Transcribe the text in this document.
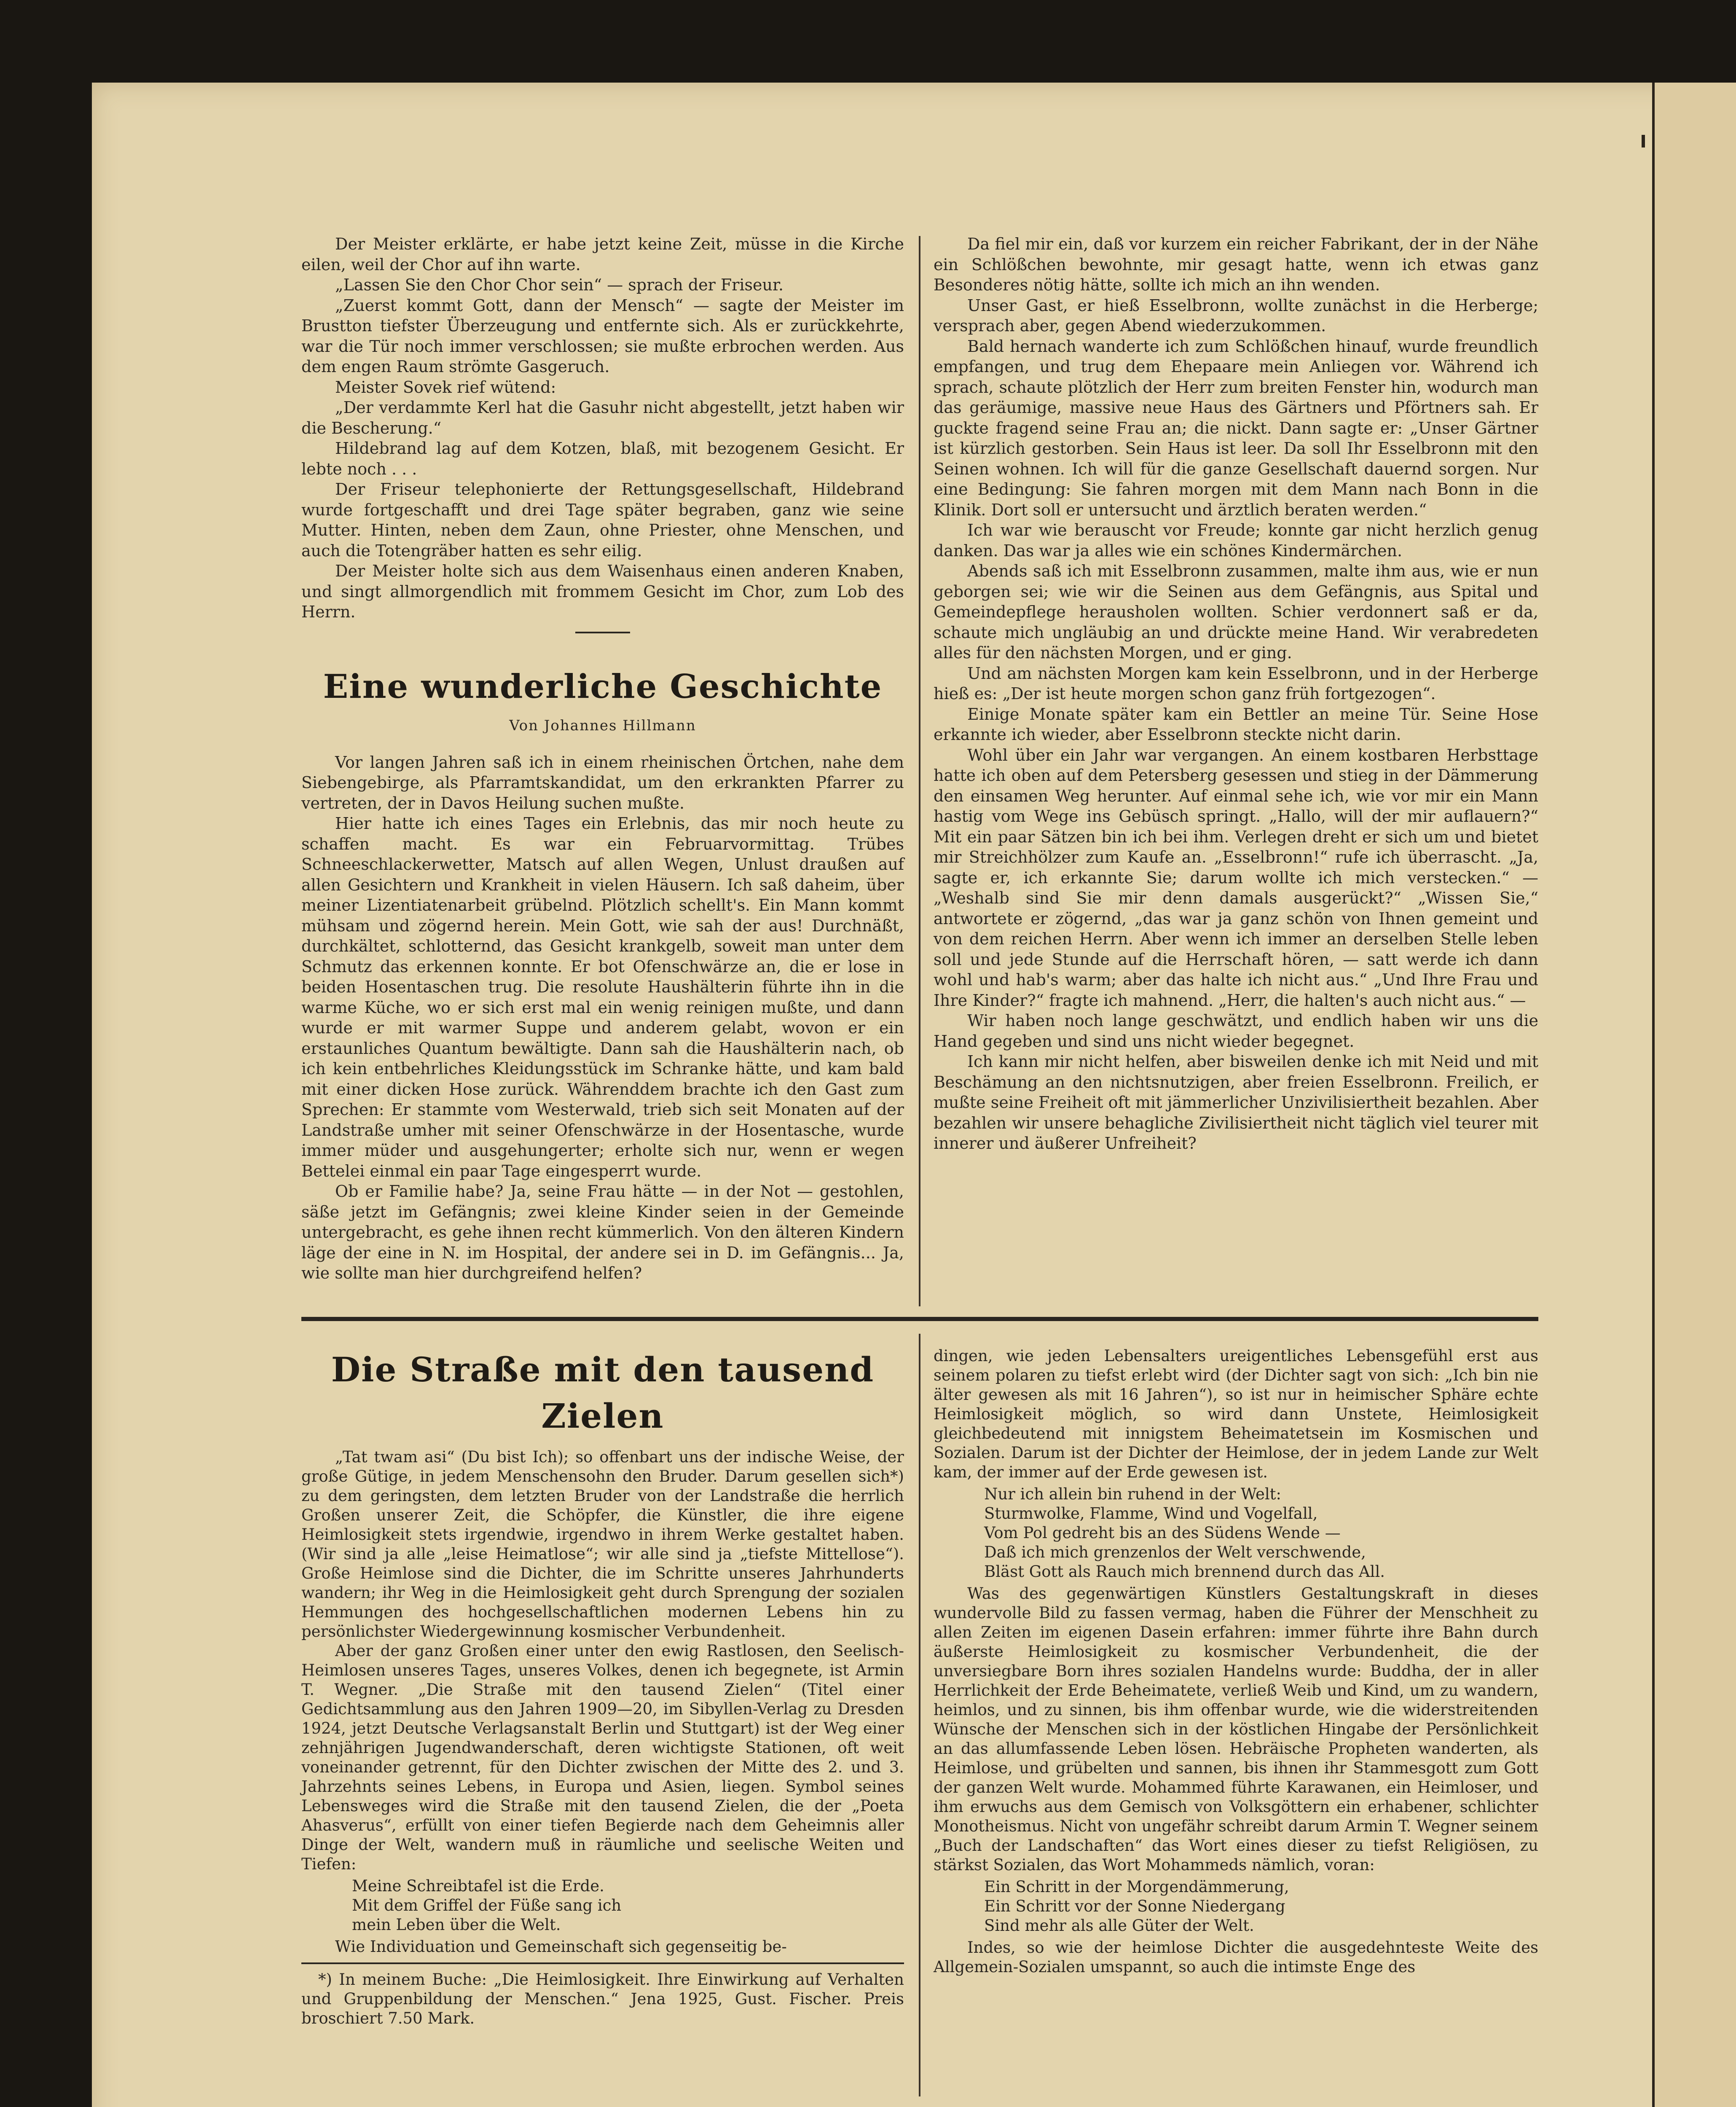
Der Meister erklärte, er habe jetzt keine Zeit, müsse in die Kirche eilen, weil der Chor auf ihn warte.

„Lassen Sie den Chor Chor sein“ — sprach der Friseur.

„Zuerst kommt Gott, dann der Mensch“ — sagte der Meister im Brustton tiefster Überzeugung und entfernte sich. Als er zurückkehrte, war die Tür noch immer verschlossen; sie mußte erbrochen werden. Aus dem engen Raum strömte Gasgeruch.

Meister Sovek rief wütend:

„Der verdammte Kerl hat die Gasuhr nicht abgestellt, jetzt haben wir die Bescherung.“

Hildebrand lag auf dem Kotzen, blaß, mit bezogenem Gesicht. Er lebte noch . . .

Der Friseur telephonierte der Rettungsgesellschaft, Hildebrand wurde fortgeschafft und drei Tage später begraben, ganz wie seine Mutter. Hinten, neben dem Zaun, ohne Priester, ohne Menschen, und auch die Totengräber hatten es sehr eilig.

Der Meister holte sich aus dem Waisenhaus einen anderen Knaben, und singt allmorgendlich mit frommem Gesicht im Chor, zum Lob des Herrn.

Eine wunderliche Geschichte
Von Johannes Hillmann

Vor langen Jahren saß ich in einem rheinischen Örtchen, nahe dem Siebengebirge, als Pfarramtskandidat, um den erkrankten Pfarrer zu vertreten, der in Davos Heilung suchen mußte.

Hier hatte ich eines Tages ein Erlebnis, das mir noch heute zu schaffen macht. Es war ein Februarvormittag. Trübes Schneeschlackerwetter, Matsch auf allen Wegen, Unlust draußen auf allen Gesichtern und Krankheit in vielen Häusern. Ich saß daheim, über meiner Lizentiatenarbeit grübelnd. Plötzlich schellt's. Ein Mann kommt mühsam und zögernd herein. Mein Gott, wie sah der aus! Durchnäßt, durchkältet, schlotternd, das Gesicht krankgelb, soweit man unter dem Schmutz das erkennen konnte. Er bot Ofenschwärze an, die er lose in beiden Hosentaschen trug. Die resolute Haushälterin führte ihn in die warme Küche, wo er sich erst mal ein wenig reinigen mußte, und dann wurde er mit warmer Suppe und anderem gelabt, wovon er ein erstaunliches Quantum bewältigte. Dann sah die Haushälterin nach, ob ich kein entbehrliches Kleidungsstück im Schranke hätte, und kam bald mit einer dicken Hose zurück. Währenddem brachte ich den Gast zum Sprechen: Er stammte vom Westerwald, trieb sich seit Monaten auf der Landstraße umher mit seiner Ofenschwärze in der Hosentasche, wurde immer müder und ausgehungerter; erholte sich nur, wenn er wegen Bettelei einmal ein paar Tage eingesperrt wurde.

Ob er Familie habe? Ja, seine Frau hätte — in der Not — gestohlen, säße jetzt im Gefängnis; zwei kleine Kinder seien in der Gemeinde untergebracht, es gehe ihnen recht kümmerlich. Von den älteren Kindern läge der eine in N. im Hospital, der andere sei in D. im Gefängnis... Ja, wie sollte man hier durchgreifend helfen?

Da fiel mir ein, daß vor kurzem ein reicher Fabrikant, der in der Nähe ein Schlößchen bewohnte, mir gesagt hatte, wenn ich etwas ganz Besonderes nötig hätte, sollte ich mich an ihn wenden.

Unser Gast, er hieß Esselbronn, wollte zunächst in die Herberge; versprach aber, gegen Abend wiederzukommen.

Bald hernach wanderte ich zum Schlößchen hinauf, wurde freundlich empfangen, und trug dem Ehepaare mein Anliegen vor. Während ich sprach, schaute plötzlich der Herr zum breiten Fenster hin, wodurch man das geräumige, massive neue Haus des Gärtners und Pförtners sah. Er guckte fragend seine Frau an; die nickt. Dann sagte er: „Unser Gärtner ist kürzlich gestorben. Sein Haus ist leer. Da soll Ihr Esselbronn mit den Seinen wohnen. Ich will für die ganze Gesellschaft dauernd sorgen. Nur eine Bedingung: Sie fahren morgen mit dem Mann nach Bonn in die Klinik. Dort soll er untersucht und ärztlich beraten werden.“

Ich war wie berauscht vor Freude; konnte gar nicht herzlich genug danken. Das war ja alles wie ein schönes Kindermärchen.

Abends saß ich mit Esselbronn zusammen, malte ihm aus, wie er nun geborgen sei; wie wir die Seinen aus dem Gefängnis, aus Spital und Gemeindepflege herausholen wollten. Schier verdonnert saß er da, schaute mich ungläubig an und drückte meine Hand. Wir verabredeten alles für den nächsten Morgen, und er ging.

Und am nächsten Morgen kam kein Esselbronn, und in der Herberge hieß es: „Der ist heute morgen schon ganz früh fortgezogen“.

Einige Monate später kam ein Bettler an meine Tür. Seine Hose erkannte ich wieder, aber Esselbronn steckte nicht darin.

Wohl über ein Jahr war vergangen. An einem kostbaren Herbsttage hatte ich oben auf dem Petersberg gesessen und stieg in der Dämmerung den einsamen Weg herunter. Auf einmal sehe ich, wie vor mir ein Mann hastig vom Wege ins Gebüsch springt. „Hallo, will der mir auflauern?“ Mit ein paar Sätzen bin ich bei ihm. Verlegen dreht er sich um und bietet mir Streichhölzer zum Kaufe an. „Esselbronn!“ rufe ich überrascht. „Ja, sagte er, ich erkannte Sie; darum wollte ich mich verstecken.“ — „Weshalb sind Sie mir denn damals ausgerückt?“ „Wissen Sie,“ antwortete er zögernd, „das war ja ganz schön von Ihnen gemeint und von dem reichen Herrn. Aber wenn ich immer an derselben Stelle leben soll und jede Stunde auf die Herrschaft hören, — satt werde ich dann wohl und hab's warm; aber das halte ich nicht aus.“ „Und Ihre Frau und Ihre Kinder?“ fragte ich mahnend. „Herr, die halten's auch nicht aus.“ —

Wir haben noch lange geschwätzt, und endlich haben wir uns die Hand gegeben und sind uns nicht wieder begegnet.

Ich kann mir nicht helfen, aber bisweilen denke ich mit Neid und mit Beschämung an den nichtsnutzigen, aber freien Esselbronn. Freilich, er mußte seine Freiheit oft mit jämmerlicher Unzivilisiertheit bezahlen. Aber bezahlen wir unsere behagliche Zivilisiertheit nicht täglich viel teurer mit innerer und äußerer Unfreiheit?

Die Straße mit den tausend Zielen

„Tat twam asi“ (Du bist Ich); so offenbart uns der indische Weise, der große Gütige, in jedem Menschensohn den Bruder. Darum gesellen sich*) zu dem geringsten, dem letzten Bruder von der Landstraße die herrlich Großen unserer Zeit, die Schöpfer, die Künstler, die ihre eigene Heimlosigkeit stets irgendwie, irgendwo in ihrem Werke gestaltet haben. (Wir sind ja alle „leise Heimatlose“; wir alle sind ja „tiefste Mittellose“). Große Heimlose sind die Dichter, die im Schritte unseres Jahrhunderts wandern; ihr Weg in die Heimlosigkeit geht durch Sprengung der sozialen Hemmungen des hochgesellschaftlichen modernen Lebens hin zu persönlichster Wiedergewinnung kosmischer Verbundenheit.

Aber der ganz Großen einer unter den ewig Rastlosen, den Seelisch-Heimlosen unseres Tages, unseres Volkes, denen ich begegnete, ist Armin T. Wegner. „Die Straße mit den tausend Zielen“ (Titel einer Gedichtsammlung aus den Jahren 1909—20, im Sibyllen-Verlag zu Dresden 1924, jetzt Deutsche Verlagsanstalt Berlin und Stuttgart) ist der Weg einer zehnjährigen Jugendwanderschaft, deren wichtigste Stationen, oft weit voneinander getrennt, für den Dichter zwischen der Mitte des 2. und 3. Jahrzehnts seines Lebens, in Europa und Asien, liegen. Symbol seines Lebensweges wird die Straße mit den tausend Zielen, die der „Poeta Ahasverus“, erfüllt von einer tiefen Begierde nach dem Geheimnis aller Dinge der Welt, wandern muß in räumliche und seelische Weiten und Tiefen:

Meine Schreibtafel ist die Erde.
Mit dem Griffel der Füße sang ich
mein Leben über die Welt.

Wie Individuation und Gemeinschaft sich gegenseitig be-

*) In meinem Buche: „Die Heimlosigkeit. Ihre Einwirkung auf Verhalten und Gruppenbildung der Menschen.“ Jena 1925, Gust. Fischer. Preis broschiert 7.50 Mark.

dingen, wie jeden Lebensalters ureigentliches Lebensgefühl erst aus seinem polaren zu tiefst erlebt wird (der Dichter sagt von sich: „Ich bin nie älter gewesen als mit 16 Jahren“), so ist nur in heimischer Sphäre echte Heimlosigkeit möglich, so wird dann Unstete, Heimlosigkeit gleichbedeutend mit innigstem Beheimatetsein im Kosmischen und Sozialen. Darum ist der Dichter der Heimlose, der in jedem Lande zur Welt kam, der immer auf der Erde gewesen ist.

Nur ich allein bin ruhend in der Welt:
Sturmwolke, Flamme, Wind und Vogelfall,
Vom Pol gedreht bis an des Südens Wende —
Daß ich mich grenzenlos der Welt verschwende,
Bläst Gott als Rauch mich brennend durch das All.

Was des gegenwärtigen Künstlers Gestaltungskraft in dieses wundervolle Bild zu fassen vermag, haben die Führer der Menschheit zu allen Zeiten im eigenen Dasein erfahren: immer führte ihre Bahn durch äußerste Heimlosigkeit zu kosmischer Verbundenheit, die der unversiegbare Born ihres sozialen Handelns wurde: Buddha, der in aller Herrlichkeit der Erde Beheimatete, verließ Weib und Kind, um zu wandern, heimlos, und zu sinnen, bis ihm offenbar wurde, wie die widerstreitenden Wünsche der Menschen sich in der köstlichen Hingabe der Persönlichkeit an das allumfassende Leben lösen. Hebräische Propheten wanderten, als Heimlose, und grübelten und sannen, bis ihnen ihr Stammesgott zum Gott der ganzen Welt wurde. Mohammed führte Karawanen, ein Heimloser, und ihm erwuchs aus dem Gemisch von Volksgöttern ein erhabener, schlichter Monotheismus. Nicht von ungefähr schreibt darum Armin T. Wegner seinem „Buch der Landschaften“ das Wort eines dieser zu tiefst Religiösen, zu stärkst Sozialen, das Wort Mohammeds nämlich, voran:

Ein Schritt in der Morgendämmerung,
Ein Schritt vor der Sonne Niedergang
Sind mehr als alle Güter der Welt.

Indes, so wie der heimlose Dichter die ausgedehnteste Weite des Allgemein-Sozialen umspannt, so auch die intimste Enge des
